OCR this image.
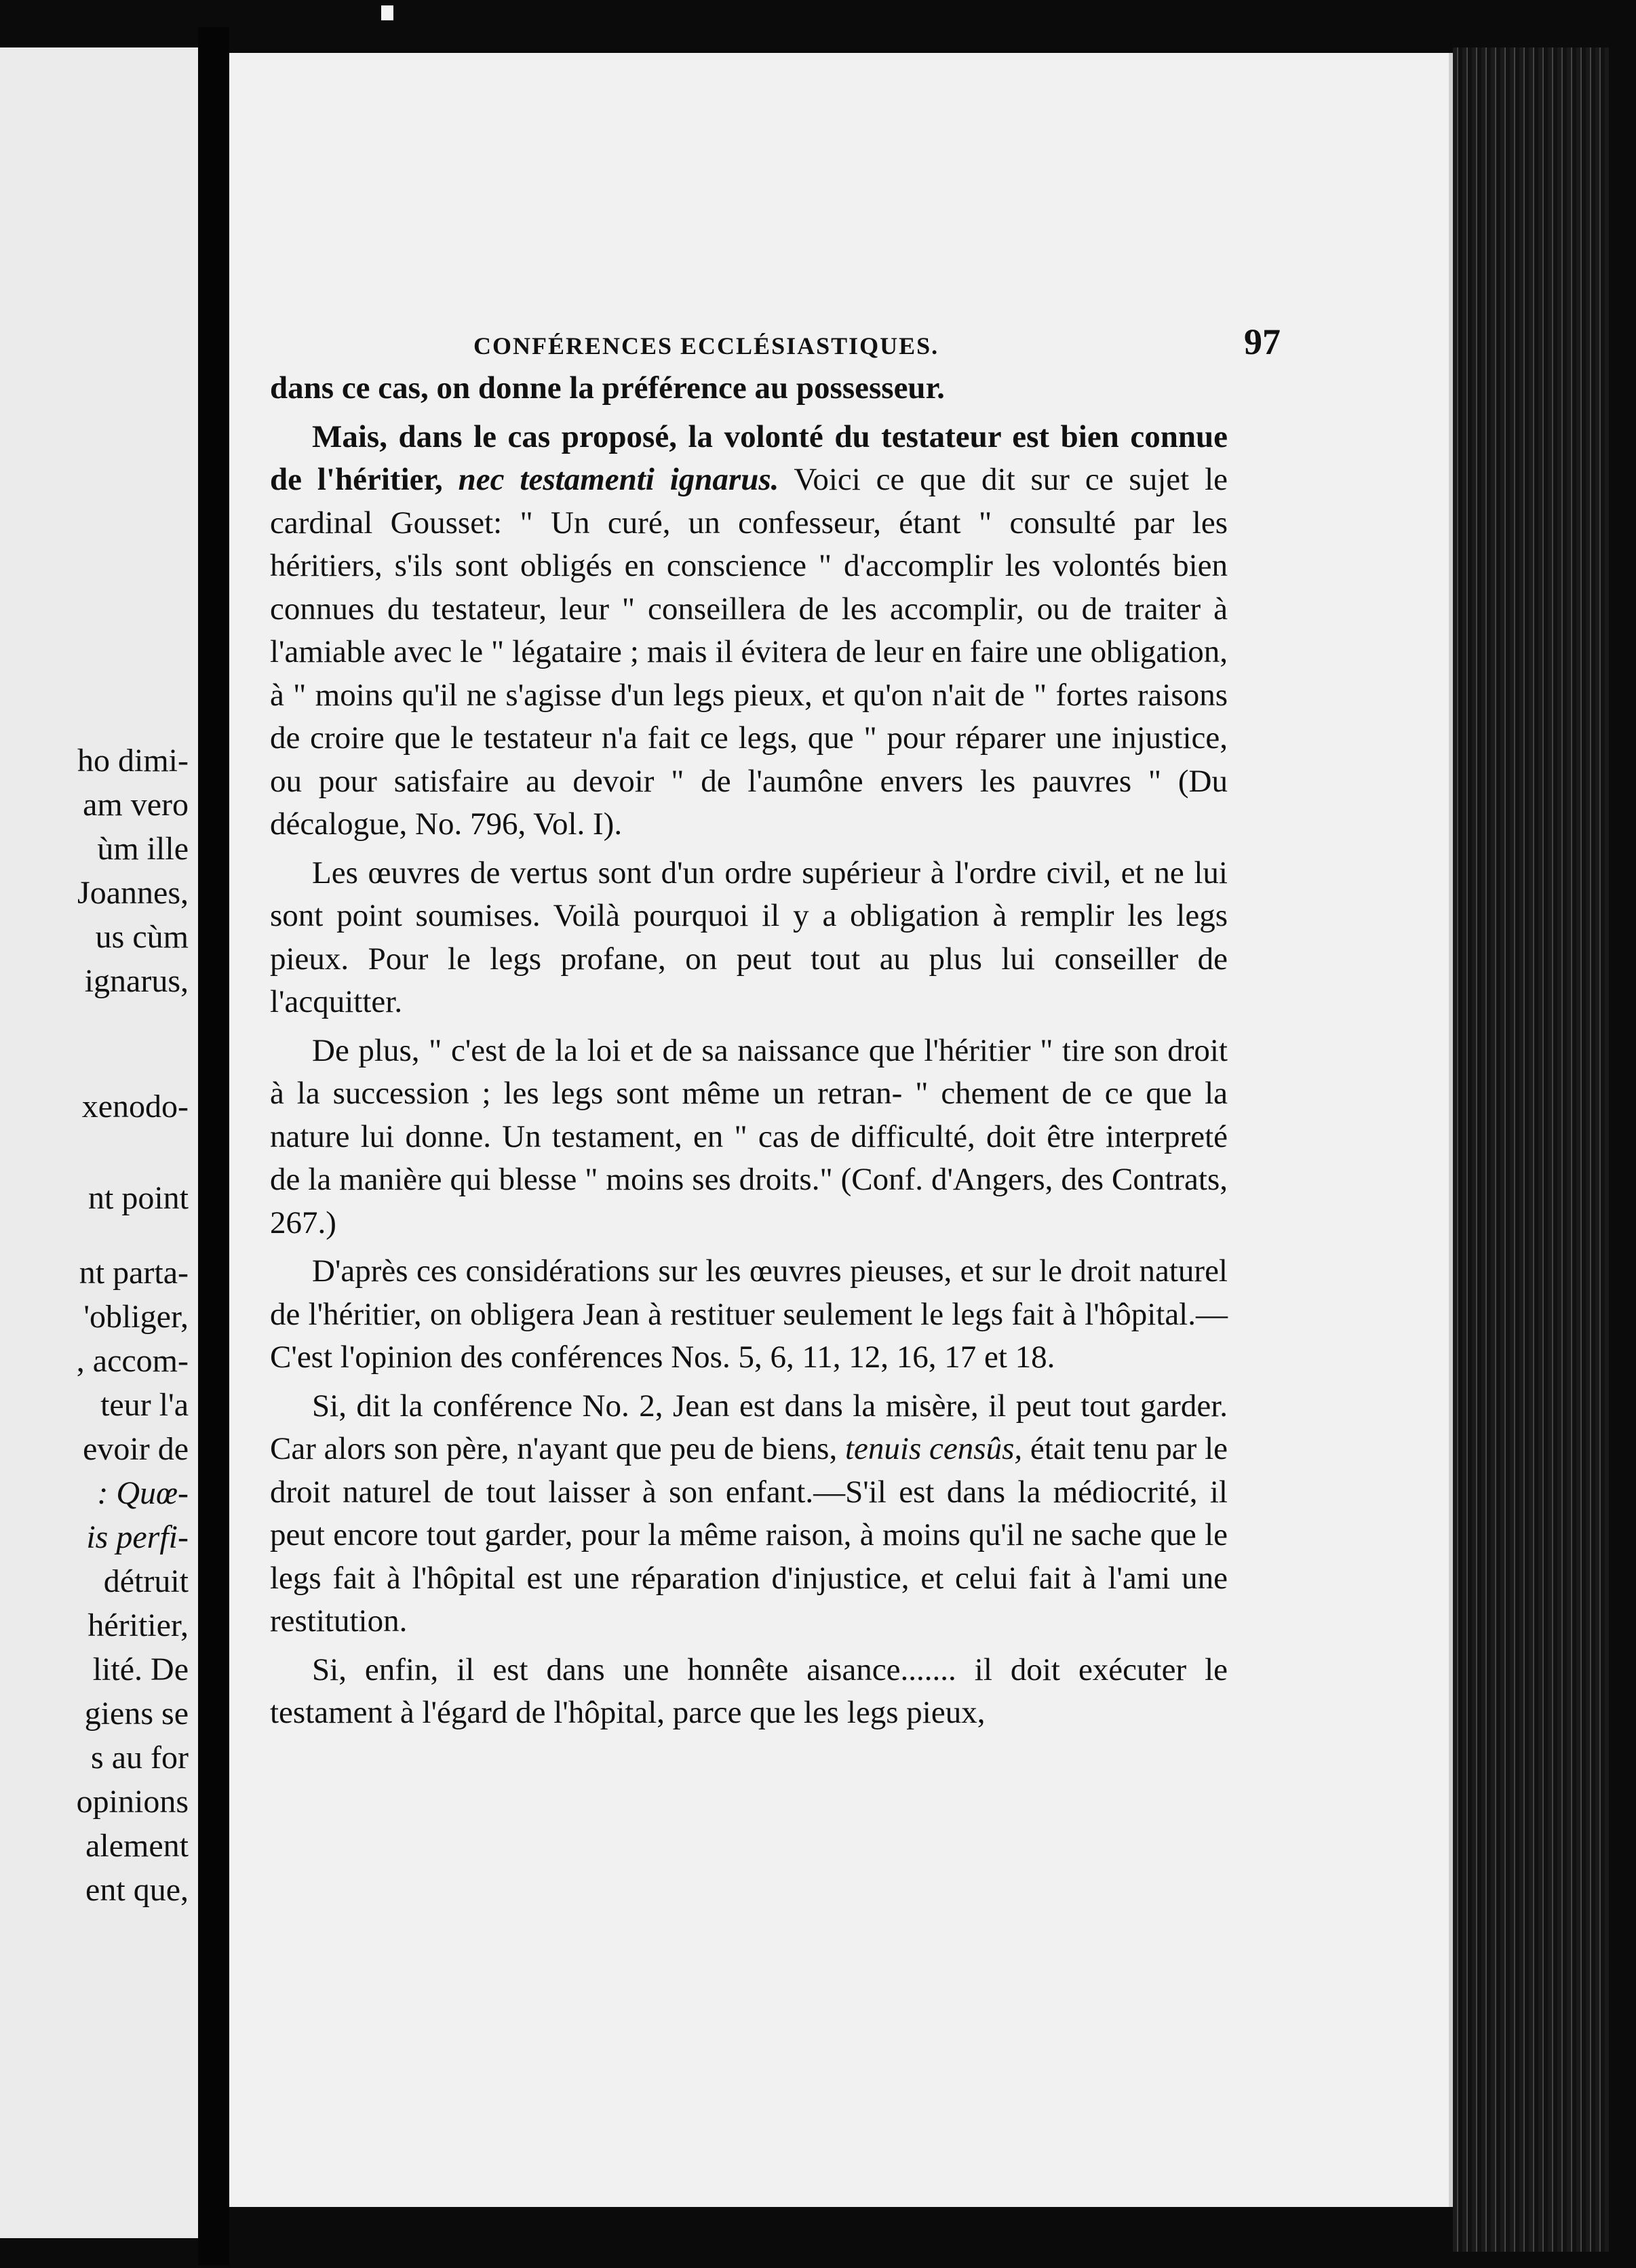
ho dimi-
am vero
ùm ille
Joannes,
us cùm
ignarus,
xenodo-
nt point
nt parta-
'obliger,
, accom-
teur l'a
evoir de
: Quœ-
is perfi-
détruit
héritier,
lité. De
giens se
s au for
opinions
alement
ent que,
CONFÉRENCES ECCLÉSIASTIQUES.	97

dans ce cas, on donne la préférence au possesseur.

Mais, dans le cas proposé, la volonté du testateur est bien connue de l'héritier, nec testamenti ignarus. Voici ce que dit sur ce sujet le cardinal Gousset: " Un curé, un confesseur, étant " consulté par les héritiers, s'ils sont obligés en conscience " d'accomplir les volontés bien connues du testateur, leur " conseillera de les accomplir, ou de traiter à l'amiable avec le " légataire ; mais il évitera de leur en faire une obligation, à " moins qu'il ne s'agisse d'un legs pieux, et qu'on n'ait de " fortes raisons de croire que le testateur n'a fait ce legs, que " pour réparer une injustice, ou pour satisfaire au devoir " de l'aumône envers les pauvres " (Du décalogue, No. 796, Vol. I).

Les œuvres de vertus sont d'un ordre supérieur à l'ordre civil, et ne lui sont point soumises. Voilà pourquoi il y a obligation à remplir les legs pieux. Pour le legs profane, on peut tout au plus lui conseiller de l'acquitter.

De plus, " c'est de la loi et de sa naissance que l'héritier " tire son droit à la succession ; les legs sont même un retran- " chement de ce que la nature lui donne. Un testament, en " cas de difficulté, doit être interpreté de la manière qui blesse " moins ses droits." (Conf. d'Angers, des Contrats, 267.)

D'après ces considérations sur les œuvres pieuses, et sur le droit naturel de l'héritier, on obligera Jean à restituer seulement le legs fait à l'hôpital.—C'est l'opinion des conférences Nos. 5, 6, 11, 12, 16, 17 et 18.

Si, dit la conférence No. 2, Jean est dans la misère, il peut tout garder. Car alors son père, n'ayant que peu de biens, tenuis censûs, était tenu par le droit naturel de tout laisser à son enfant.—S'il est dans la médiocrité, il peut encore tout garder, pour la même raison, à moins qu'il ne sache que le legs fait à l'hôpital est une réparation d'injustice, et celui fait à l'ami une restitution.

Si, enfin, il est dans une honnête aisance....... il doit exécuter le testament à l'égard de l'hôpital, parce que les legs pieux,
